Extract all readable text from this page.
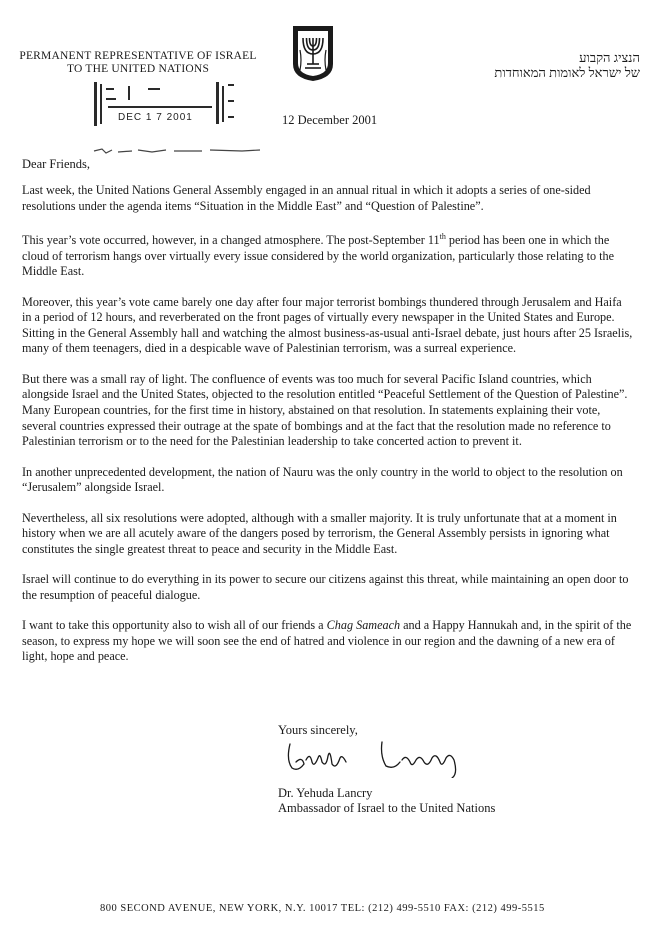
PERMANENT REPRESENTATIVE OF ISRAEL
TO THE UNITED NATIONS
הנציג הקבוע
של ישראל לאומות המאוחדות
DEC 1 7 2001	12 December 2001
Dear Friends,

Last week, the United Nations General Assembly engaged in an annual ritual in which it adopts a series of one-sided resolutions under the agenda items “Situation in the Middle East” and “Question of Palestine”.

This year’s vote occurred, however, in a changed atmosphere. The post-September 11th period has been one in which the cloud of terrorism hangs over virtually every issue considered by the world organization, particularly those relating to the Middle East.

Moreover, this year’s vote came barely one day after four major terrorist bombings thundered through Jerusalem and Haifa in a period of 12 hours, and reverberated on the front pages of virtually every newspaper in the United States and Europe. Sitting in the General Assembly hall and watching the almost business-as-usual anti-Israel debate, just hours after 25 Israelis, many of them teenagers, died in a despicable wave of Palestinian terrorism, was a surreal experience.

But there was a small ray of light. The confluence of events was too much for several Pacific Island countries, which alongside Israel and the United States, objected to the resolution entitled “Peaceful Settlement of the Question of Palestine”. Many European countries, for the first time in history, abstained on that resolution. In statements explaining their vote, several countries expressed their outrage at the spate of bombings and at the fact that the resolution made no reference to Palestinian terrorism or to the need for the Palestinian leadership to take concerted action to prevent it.

In another unprecedented development, the nation of Nauru was the only country in the world to object to the resolution on “Jerusalem” alongside Israel.

Nevertheless, all six resolutions were adopted, although with a smaller majority. It is truly unfortunate that at a moment in history when we are all acutely aware of the dangers posed by terrorism, the General Assembly persists in ignoring what constitutes the single greatest threat to peace and security in the Middle East.

Israel will continue to do everything in its power to secure our citizens against this threat, while maintaining an open door to the resumption of peaceful dialogue.

I want to take this opportunity also to wish all of our friends a Chag Sameach and a Happy Hannukah and, in the spirit of the season, to express my hope we will soon see the end of hatred and violence in our region and the dawning of a new era of light, hope and peace.

Yours sincerely,
Dr. Yehuda Lancry
Ambassador of Israel to the United Nations
800 SECOND AVENUE, NEW YORK, N.Y. 10017 TEL: (212) 499-5510 FAX: (212) 499-5515
